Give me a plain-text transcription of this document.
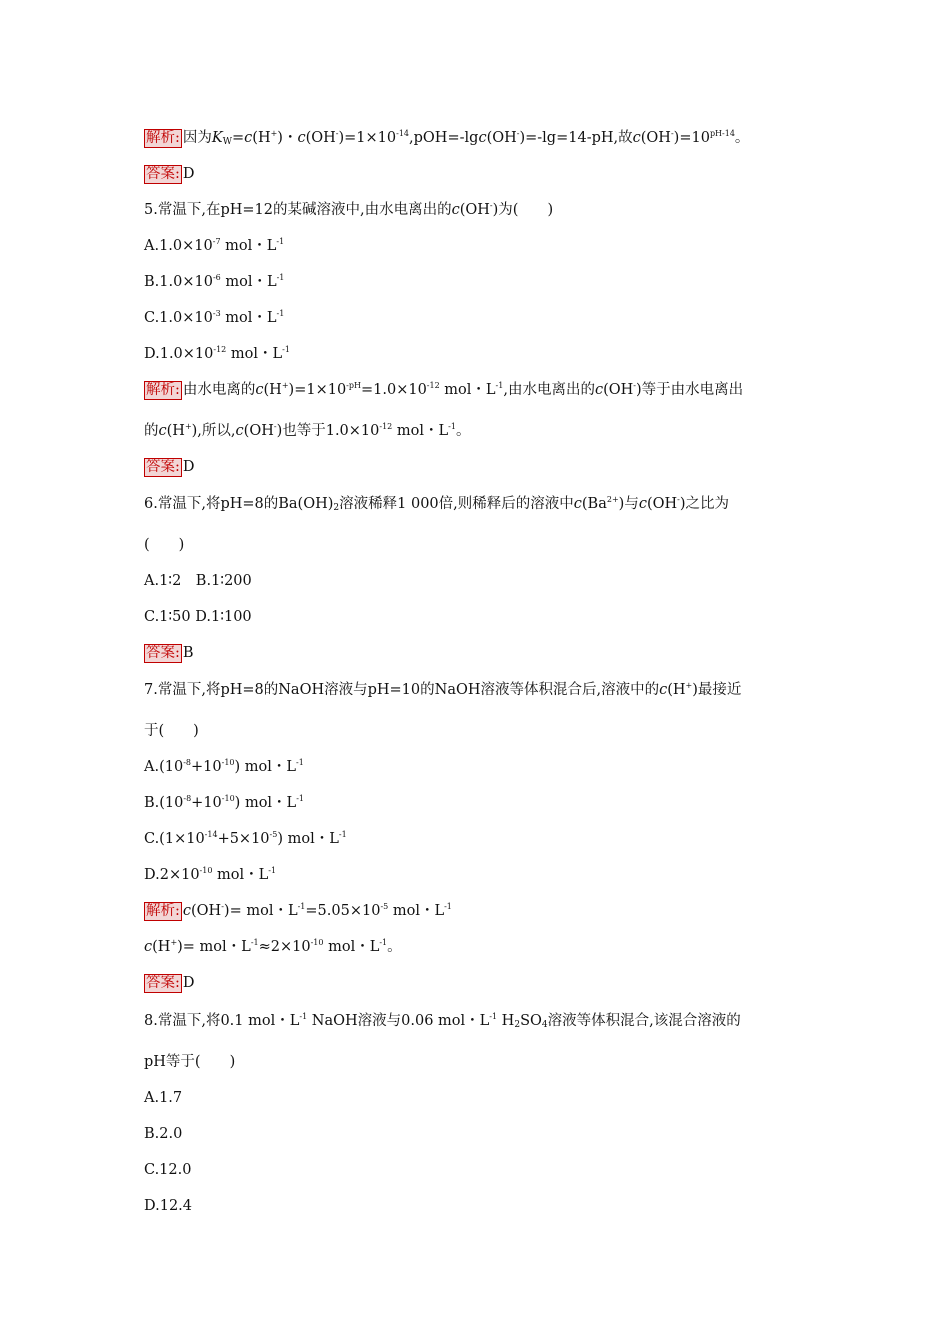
解析: 因为$K_W=c(H^+)$・$c(OH^-)=1\times 10^{-14},pOH=-\lg c(OH^-)=-\lg=14-pH$,故$c(OH^-)=10^{pH-14}$。
答案: D
5.常温下,在pH=12的某碱溶液中,由水电离出的c(OH-)为(　　)
$A.1.0\times 10^{-7}$ mol・$L^{-1}$
$B.1.0\times 10^{-6}$ mol・$L^{-1}$
$C.1.0\times 10^{-3}$ mol・$L^{-1}$
$D.1.0\times 10^{-12}$ mol・$L^{-1}$
解析: 由水电离的$c(H^+)=1\times 10^{-pH}=1.0\times 10^{-12}$ mol・$L^{-1}$,由水电离出的c(OH-)等于由水电离出
的c(H+),所以,c(OH-)也等于$1.0\times 10^{-12}$ mol・$L^{-1}$。
答案: D
6.常温下,将pH=8的$Ba(OH)_2$溶液稀释1 000倍,则稀释后的溶液中$c(Ba^{2+})$与c(OH-)之比为
(　　)
A.1∶2　B.1∶200
C.1∶50 D.1∶100
答案: B
7.常温下,将pH=8的NaOH溶液与pH=10的NaOH溶液等体积混合后,溶液中的c(H+)最接近
于(　　)
$A.(10^{-8}+10^{-10})$ mol・$L^{-1}$
$B.(10^{-8}+10^{-10})$ mol・$L^{-1}$
$C.(1\times 10^{-14}+5\times 10^{-5})$ mol・$L^{-1}$
$D.2\times 10^{-10}$ mol・$L^{-1}$
解析: c(OH-)= mol・$L^{-1}=5.05\times 10^{-5}$ mol・$L^{-1}$
c(H+)= mol・$L^{-1}\approx 2\times 10^{-10}$ mol・$L^{-1}$。
答案: D
8.常温下,将0.1 mol・$L^{-1}$ NaOH溶液与0.06 mol・$L^{-1}$ $H_2SO_4$溶液等体积混合,该混合溶液的
pH等于(　　)
A.1.7
B.2.0
C.12.0
D.12.4
